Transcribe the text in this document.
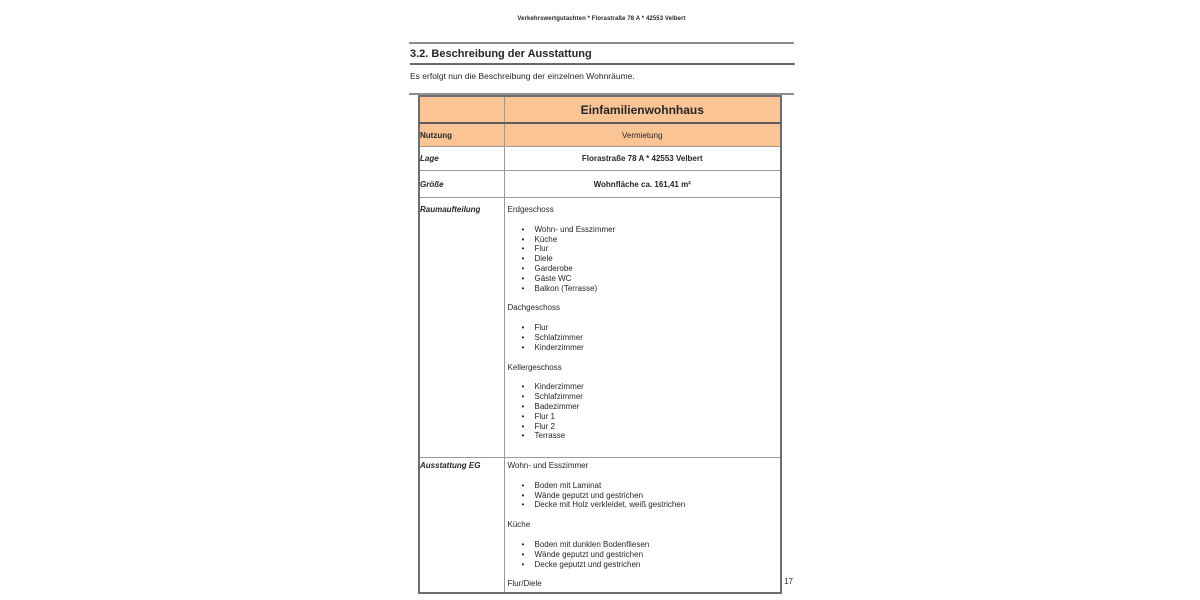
Verkehrswertgutachten * Florastraße 78 A * 42553 Velbert
3.2. Beschreibung der Ausstattung
Es erfolgt nun die Beschreibung der einzelnen Wohnräume.
	Einfamilienwohnhaus
Nutzung	Vermietung
Lage	Florastraße 78 A * 42553 Velbert
Größe	Wohnfläche ca. 161,41 m²
Raumaufteilung	Erdgeschoss
• Wohn- und Esszimmer
• Küche
• Flur
• Diele
• Garderobe
• Gäste WC
• Balkon (Terrasse)
Dachgeschoss
• Flur
• Schlafzimmer
• Kinderzimmer
Kellergeschoss
• Kinderzimmer
• Schlafzimmer
• Badezimmer
• Flur 1
• Flur 2
• Terrasse

Ausstattung EG	Wohn- und Esszimmer
• Boden mit Laminat
• Wände geputzt und gestrichen
• Decke mit Holz verkleidet, weiß gestrichen
Küche
• Boden mit dunklen Bodenfliesen
• Wände geputzt und gestrichen
• Decke geputzt und gestrichen
Flur/Diele	17
